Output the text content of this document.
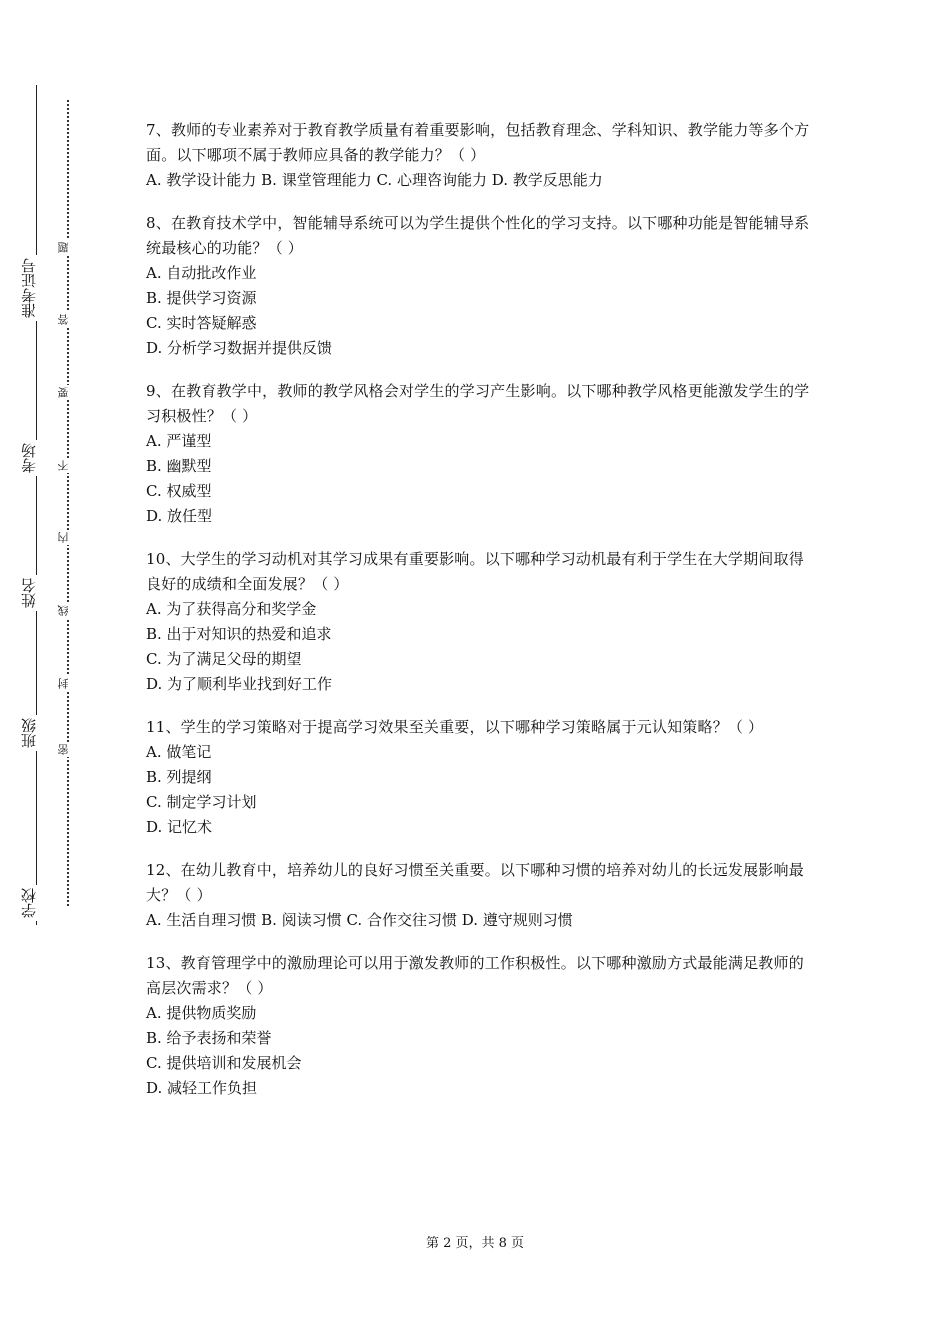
准考证号
考场
姓名
班级
学校
题
答
要
不
内
线
封
密
7、教师的专业素养对于教育教学质量有着重要影响，包括教育理念、学科知识、教学能力等多个方面。以下哪项不属于教师应具备的教学能力？（ ）
A. 教学设计能力 B. 课堂管理能力 C. 心理咨询能力 D. 教学反思能力
8、在教育技术学中，智能辅导系统可以为学生提供个性化的学习支持。以下哪种功能是智能辅导系统最核心的功能？（ ）
A. 自动批改作业
B. 提供学习资源
C. 实时答疑解惑
D. 分析学习数据并提供反馈
9、在教育教学中，教师的教学风格会对学生的学习产生影响。以下哪种教学风格更能激发学生的学习积极性？（ ）
A. 严谨型
B. 幽默型
C. 权威型
D. 放任型
10、大学生的学习动机对其学习成果有重要影响。以下哪种学习动机最有利于学生在大学期间取得良好的成绩和全面发展？（ ）
A. 为了获得高分和奖学金
B. 出于对知识的热爱和追求
C. 为了满足父母的期望
D. 为了顺利毕业找到好工作
11、学生的学习策略对于提高学习效果至关重要，以下哪种学习策略属于元认知策略？（ ）
A. 做笔记
B. 列提纲
C. 制定学习计划
D. 记忆术
12、在幼儿教育中，培养幼儿的良好习惯至关重要。以下哪种习惯的培养对幼儿的长远发展影响最大？（ ）
A. 生活自理习惯 B. 阅读习惯 C. 合作交往习惯 D. 遵守规则习惯
13、教育管理学中的激励理论可以用于激发教师的工作积极性。以下哪种激励方式最能满足教师的高层次需求？（ ）
A. 提供物质奖励
B. 给予表扬和荣誉
C. 提供培训和发展机会
D. 减轻工作负担
第 2 页，共 8 页
